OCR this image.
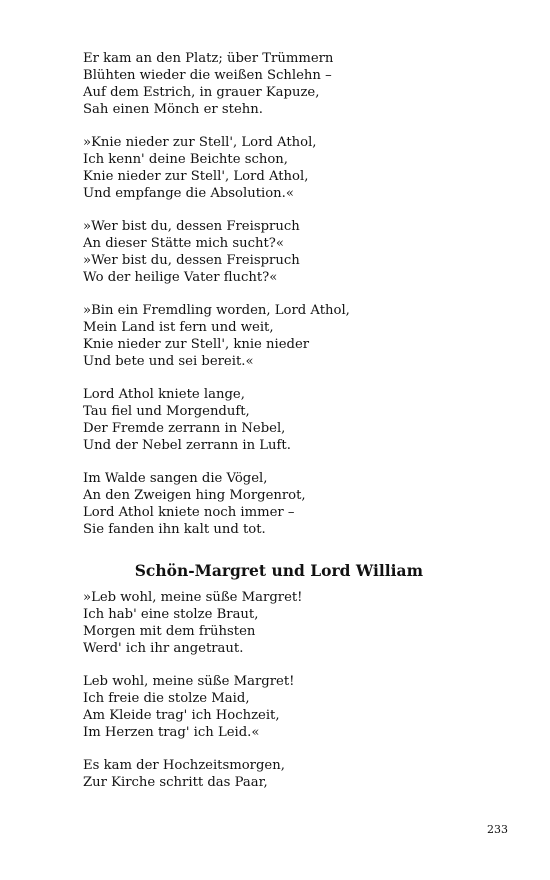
Er kam an den Platz; über Trümmern
Blühten wieder die weißen Schlehn –
Auf dem Estrich, in grauer Kapuze,
Sah einen Mönch er stehn.
»Knie nieder zur Stell', Lord Athol,
Ich kenn' deine Beichte schon,
Knie nieder zur Stell', Lord Athol,
Und empfange die Absolution.«
»Wer bist du, dessen Freispruch
An dieser Stätte mich sucht?«
»Wer bist du, dessen Freispruch
Wo der heilige Vater flucht?«
»Bin ein Fremdling worden, Lord Athol,
Mein Land ist fern und weit,
Knie nieder zur Stell', knie nieder
Und bete und sei bereit.«
Lord Athol kniete lange,
Tau fiel und Morgenduft,
Der Fremde zerrann in Nebel,
Und der Nebel zerrann in Luft.
Im Walde sangen die Vögel,
An den Zweigen hing Morgenrot,
Lord Athol kniete noch immer –
Sie fanden ihn kalt und tot.
Schön-Margret und Lord William
»Leb wohl, meine süße Margret!
Ich hab' eine stolze Braut,
Morgen mit dem frühsten
Werd' ich ihr angetraut.
Leb wohl, meine süße Margret!
Ich freie die stolze Maid,
Am Kleide trag' ich Hochzeit,
Im Herzen trag' ich Leid.«
Es kam der Hochzeitsmorgen,
Zur Kirche schritt das Paar,
233
